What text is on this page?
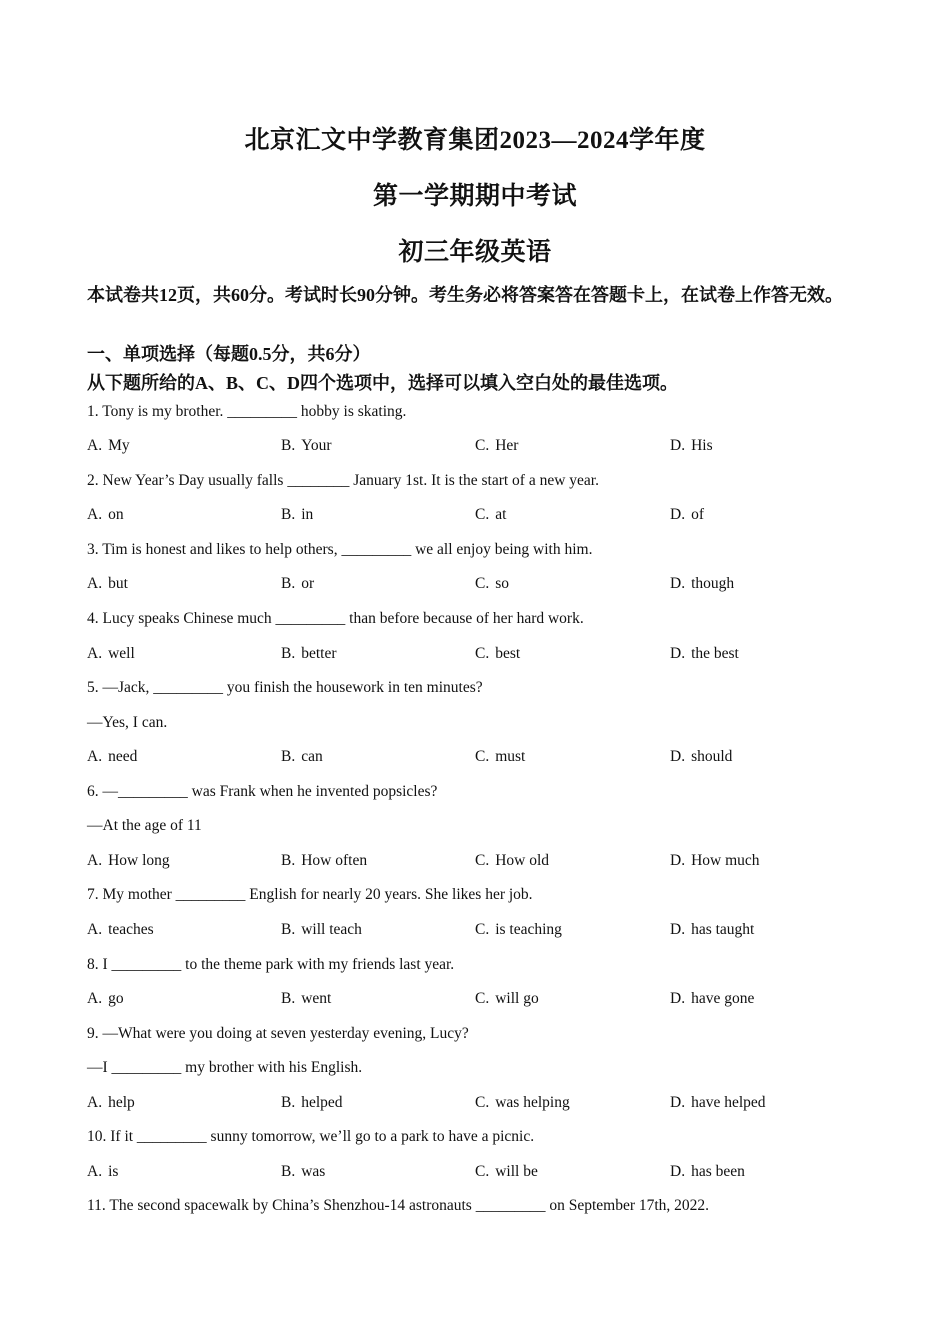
北京汇文中学教育集团2023—2024学年度
第一学期期中考试
初三年级英语
本试卷共12页，共60分。考试时长90分钟。考生务必将答案答在答题卡上，在试卷上作答无效。
一、单项选择（每题0.5分，共6分）
从下题所给的A、B、C、D四个选项中，选择可以填入空白处的最佳选项。
1. Tony is my brother. _________ hobby is skating.
A. My	B. Your	C. Her	D. His
2. New Year’s Day usually falls ________ January 1st. It is the start of a new year.
A. on	B. in	C. at	D. of
3. Tim is honest and likes to help others, _________ we all enjoy being with him.
A. but	B. or	C. so	D. though
4. Lucy speaks Chinese much _________ than before because of her hard work.
A. well	B. better	C. best	D. the best
5. —Jack, _________ you finish the housework in ten minutes?
—Yes, I can.
A. need	B. can	C. must	D. should
6. —_________ was Frank when he invented popsicles?
—At the age of 11
A. How long	B. How often	C. How old	D. How much
7. My mother _________ English for nearly 20 years. She likes her job.
A. teaches	B. will teach	C. is teaching	D. has taught
8. I _________ to the theme park with my friends last year.
A. go	B. went	C. will go	D. have gone
9. —What were you doing at seven yesterday evening, Lucy?
—I _________ my brother with his English.
A. help	B. helped	C. was helping	D. have helped
10. If it _________ sunny tomorrow, we’ll go to a park to have a picnic.
A. is	B. was	C. will be	D. has been
11. The second spacewalk by China’s Shenzhou-14 astronauts _________ on September 17th, 2022.
